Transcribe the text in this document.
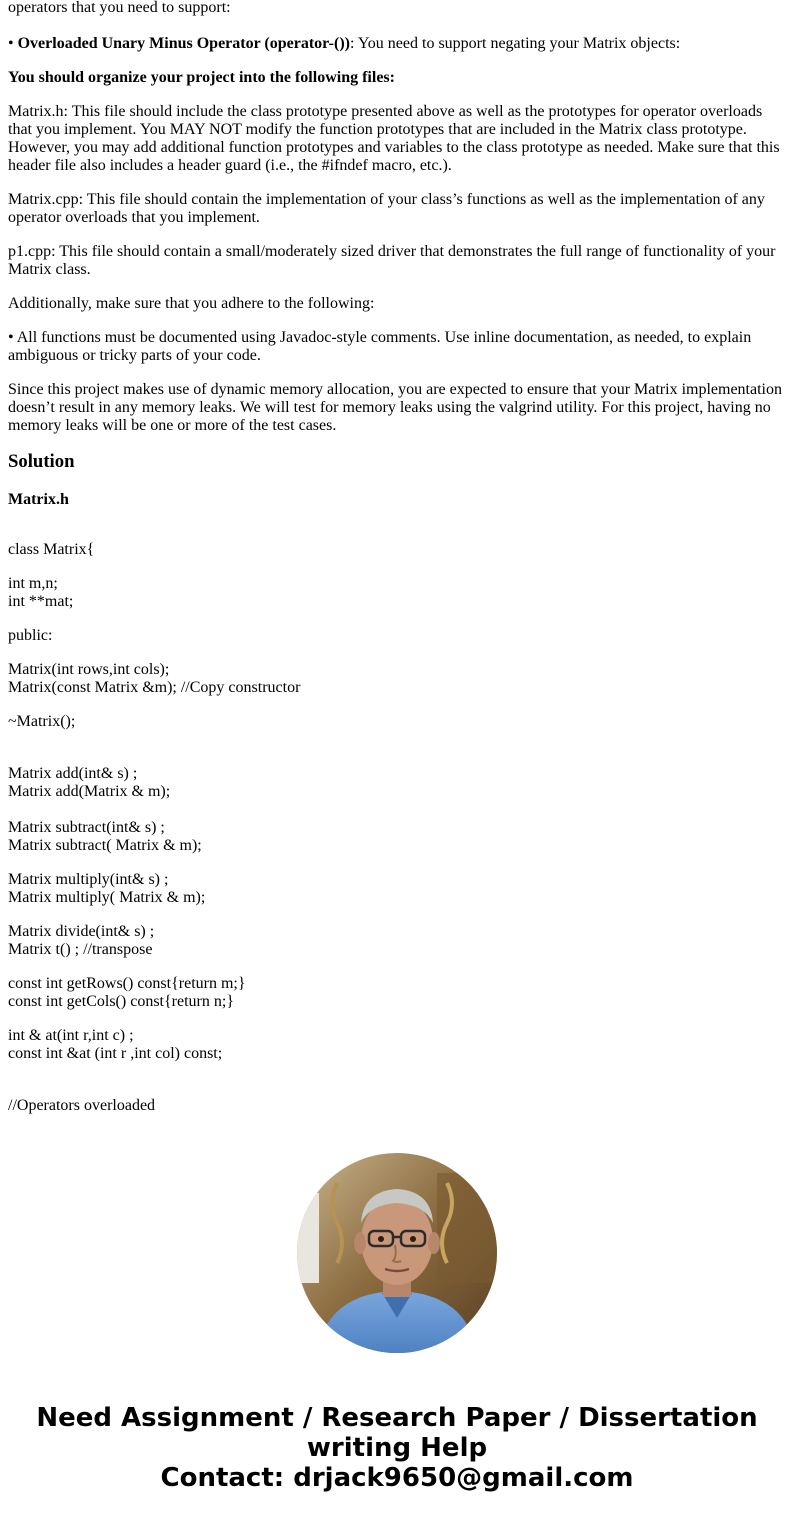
operators that you need to support:

• Overloaded Unary Minus Operator (operator-()): You need to support negating your Matrix objects:

You should organize your project into the following files:

Matrix.h: This file should include the class prototype presented above as well as the prototypes for operator overloads that you implement. You MAY NOT modify the function prototypes that are included in the Matrix class prototype. However, you may add additional function prototypes and variables to the class prototype as needed. Make sure that this header file also includes a header guard (i.e., the #ifndef macro, etc.).

Matrix.cpp: This file should contain the implementation of your class’s functions as well as the implementation of any operator overloads that you implement.

p1.cpp: This file should contain a small/moderately sized driver that demonstrates the full range of functionality of your Matrix class.

Additionally, make sure that you adhere to the following:

• All functions must be documented using Javadoc-style comments. Use inline documentation, as needed, to explain ambiguous or tricky parts of your code.

Since this project makes use of dynamic memory allocation, you are expected to ensure that your Matrix implementation doesn’t result in any memory leaks. We will test for memory leaks using the valgrind utility. For this project, having no memory leaks will be one or more of the test cases.

Solution

Matrix.h

class Matrix{

int m,n;

int **mat;

public:

Matrix(int rows,int cols);

Matrix(const Matrix &m); //Copy constructor

~Matrix();

Matrix add(int& s) ;

Matrix add(Matrix & m);

Matrix subtract(int& s) ;

Matrix subtract( Matrix & m);

Matrix multiply(int& s) ;

Matrix multiply( Matrix & m);

Matrix divide(int& s) ;

Matrix t() ; //transpose

const int getRows() const{return m;}

const int getCols() const{return n;}

int & at(int r,int c) ;

const int &at (int r ,int col) const;

//Operators overloaded

Need Assignment / Research Paper / Dissertation
writing Help
Contact: drjack9650@gmail.com
